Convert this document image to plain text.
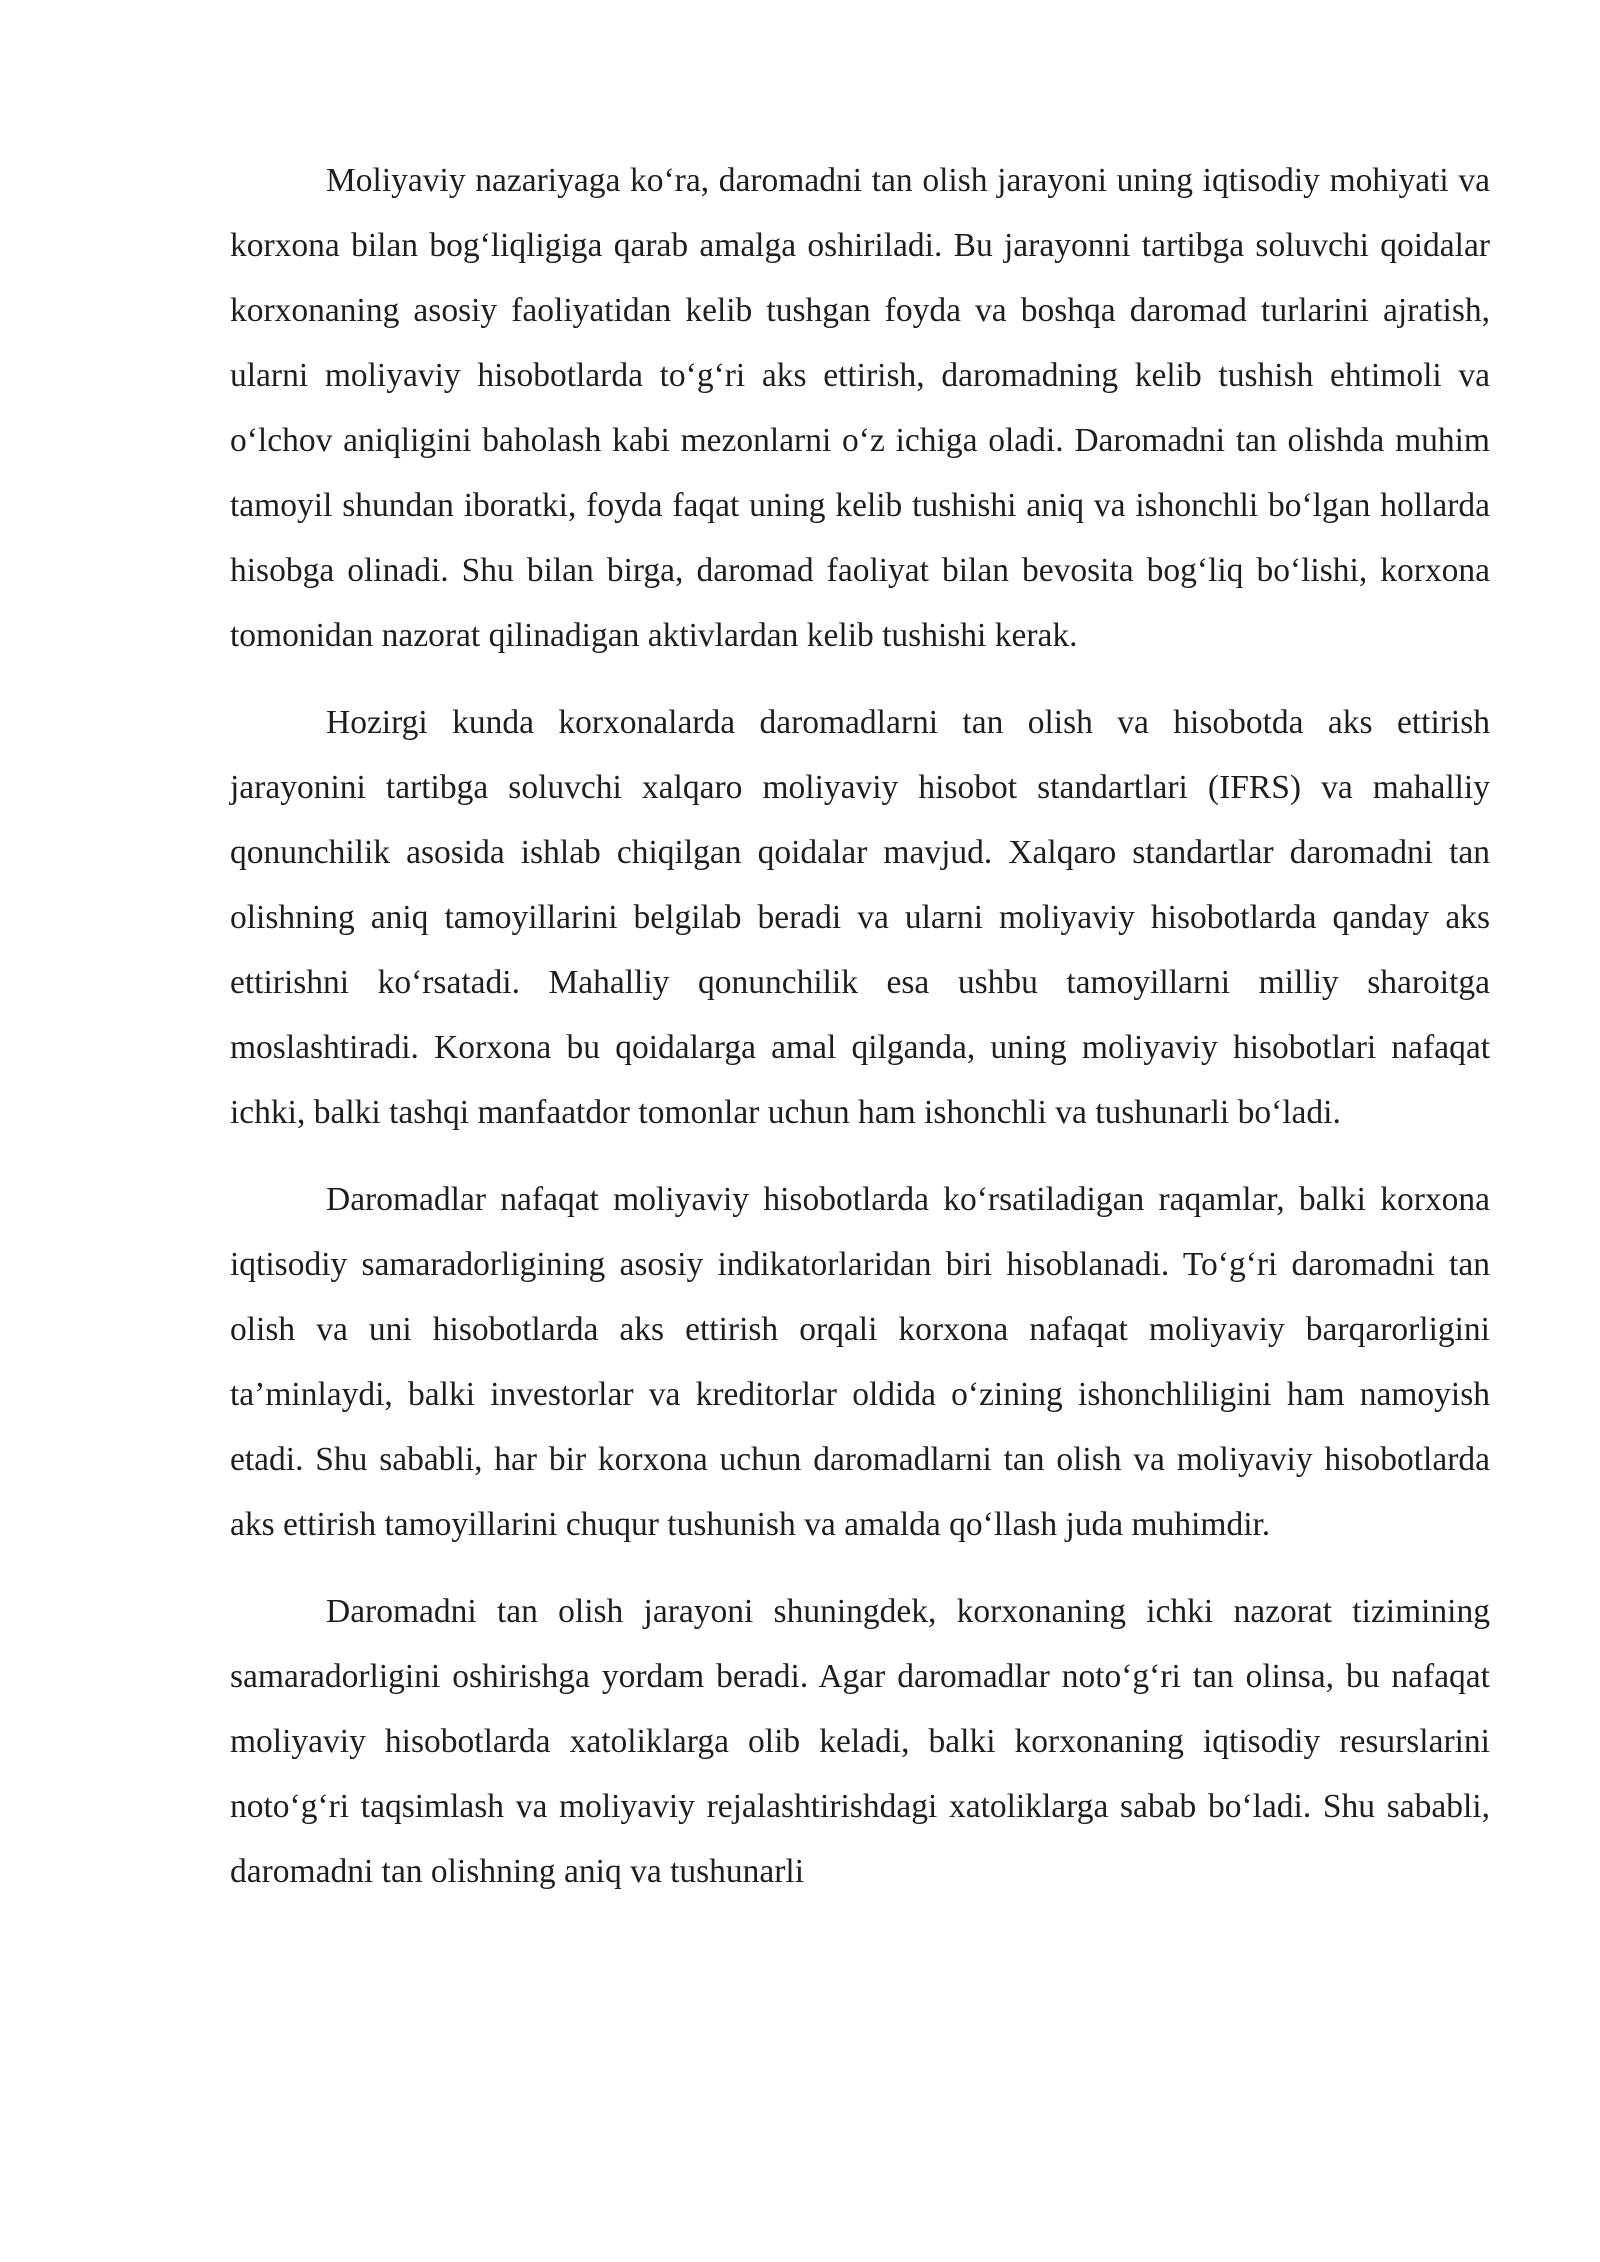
Moliyaviy nazariyaga ko‘ra, daromadni tan olish jarayoni uning iqtisodiy mohiyati va korxona bilan bog‘liqligiga qarab amalga oshiriladi. Bu jarayonni tartibga soluvchi qoidalar korxonaning asosiy faoliyatidan kelib tushgan foyda va boshqa daromad turlarini ajratish, ularni moliyaviy hisobotlarda to‘g‘ri aks ettirish, daromadning kelib tushish ehtimoli va o‘lchov aniqligini baholash kabi mezonlarni o‘z ichiga oladi. Daromadni tan olishda muhim tamoyil shundan iboratki, foyda faqat uning kelib tushishi aniq va ishonchli bo‘lgan hollarda hisobga olinadi. Shu bilan birga, daromad faoliyat bilan bevosita bog‘liq bo‘lishi, korxona tomonidan nazorat qilinadigan aktivlardan kelib tushishi kerak.

Hozirgi kunda korxonalarda daromadlarni tan olish va hisobotda aks ettirish jarayonini tartibga soluvchi xalqaro moliyaviy hisobot standartlari (IFRS) va mahalliy qonunchilik asosida ishlab chiqilgan qoidalar mavjud. Xalqaro standartlar daromadni tan olishning aniq tamoyillarini belgilab beradi va ularni moliyaviy hisobotlarda qanday aks ettirishni ko‘rsatadi. Mahalliy qonunchilik esa ushbu tamoyillarni milliy sharoitga moslashtiradi. Korxona bu qoidalarga amal qilganda, uning moliyaviy hisobotlari nafaqat ichki, balki tashqi manfaatdor tomonlar uchun ham ishonchli va tushunarli bo‘ladi.

Daromadlar nafaqat moliyaviy hisobotlarda ko‘rsatiladigan raqamlar, balki korxona iqtisodiy samaradorligining asosiy indikatorlaridan biri hisoblanadi. To‘g‘ri daromadni tan olish va uni hisobotlarda aks ettirish orqali korxona nafaqat moliyaviy barqarorligini ta’minlaydi, balki investorlar va kreditorlar oldida o‘zining ishonchliligini ham namoyish etadi. Shu sababli, har bir korxona uchun daromadlarni tan olish va moliyaviy hisobotlarda aks ettirish tamoyillarini chuqur tushunish va amalda qo‘llash juda muhimdir.

Daromadni tan olish jarayoni shuningdek, korxonaning ichki nazorat tizimining samaradorligini oshirishga yordam beradi. Agar daromadlar noto‘g‘ri tan olinsa, bu nafaqat moliyaviy hisobotlarda xatoliklarga olib keladi, balki korxonaning iqtisodiy resurslarini noto‘g‘ri taqsimlash va moliyaviy rejalashtirishdagi xatoliklarga sabab bo‘ladi. Shu sababli, daromadni tan olishning aniq va tushunarli
